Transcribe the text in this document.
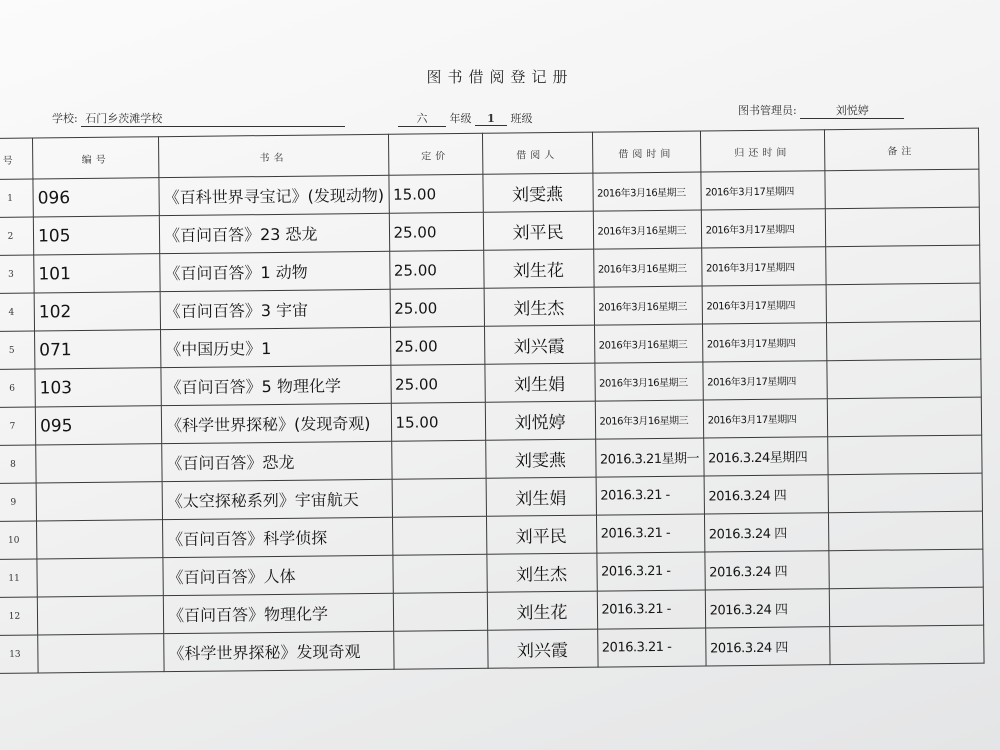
图书借阅登记册
学校: 石门乡茨滩学校	六 年级 1 班级
图书管理员:	刘悦婷
号	编号	书名	定价	借阅人	借阅时间	归还时间	备注
1	096	《百科世界寻宝记》(发现动物)	15.00	刘雯燕	2016年3月16星期三	2016年3月17星期四	
2	105	《百问百答》23 恐龙	25.00	刘平民	2016年3月16星期三	2016年3月17星期四	
3	101	《百问百答》1 动物	25.00	刘生花	2016年3月16星期三	2016年3月17星期四	
4	102	《百问百答》3 宇宙	25.00	刘生杰	2016年3月16星期三	2016年3月17星期四	
5	071	《中国历史》1	25.00	刘兴霞	2016年3月16星期三	2016年3月17星期四	
6	103	《百问百答》5 物理化学	25.00	刘生娟	2016年3月16星期三	2016年3月17星期四	
7	095	《科学世界探秘》(发现奇观)	15.00	刘悦婷	2016年3月16星期三	2016年3月17星期四	
8		《百问百答》恐龙		刘雯燕	2016.3.21星期一	2016.3.24星期四	
9		《太空探秘系列》宇宙航天		刘生娟	2016.3.21 -	2016.3.24 四	
10		《百问百答》科学侦探		刘平民	2016.3.21 -	2016.3.24 四	
11		《百问百答》人体		刘生杰	2016.3.21 -	2016.3.24 四	
12		《百问百答》物理化学		刘生花	2016.3.21 -	2016.3.24 四	
13		《科学世界探秘》发现奇观		刘兴霞	2016.3.21 -	2016.3.24 四	
